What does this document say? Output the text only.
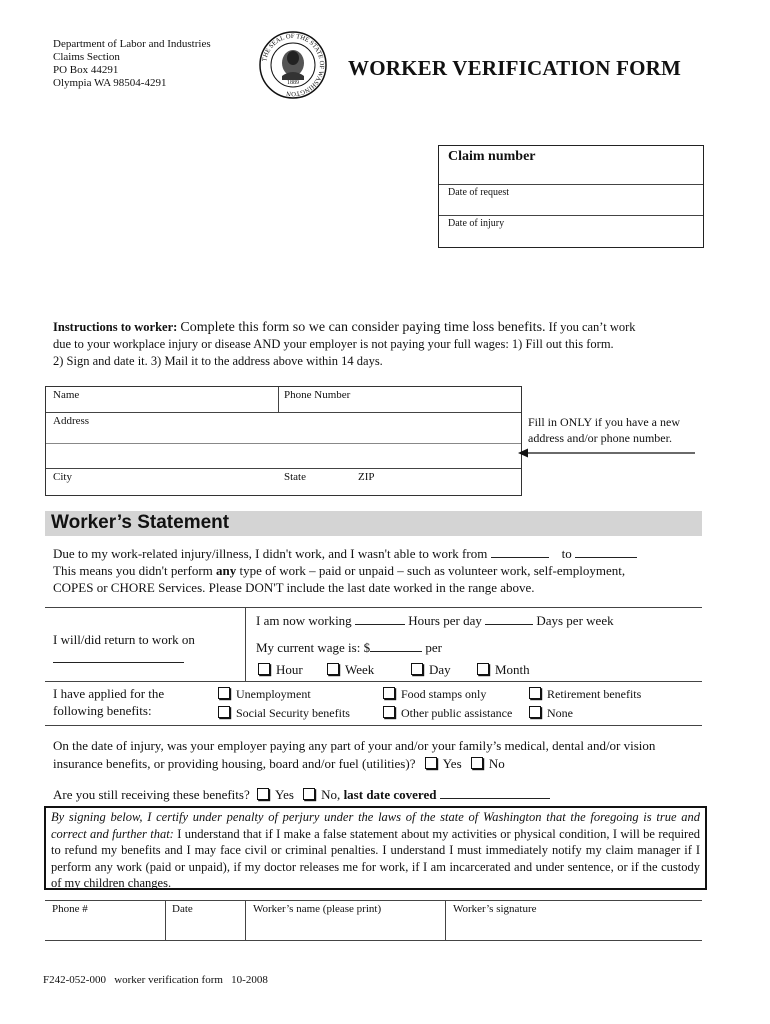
Department of Labor and Industries
Claims Section
PO Box 44291
Olympia WA 98504-4291
THE SEAL OF THE STATE OF WASHINGTON
1889
WORKER VERIFICATION FORM
Claim number
Date of request
Date of injury
Instructions to worker: Complete this form so we can consider paying time loss benefits. If you can’t work
due to your workplace injury or disease AND your employer is not paying your full wages: 1) Fill out this form.
2) Sign and date it. 3) Mail it to the address above within 14 days.
Name	Phone Number
Address
City	State	ZIP
Fill in ONLY if you have a new
address and/or phone number.
Worker’s Statement
Due to my work-related injury/illness, I didn't work, and I wasn't able to work from	to
This means you didn't perform any type of work – paid or unpaid – such as volunteer work, self-employment,
COPES or CHORE Services. Please DON'T include the last date worked in the range above.
I will/did return to work on
I am now working	Hours per day	Days per week
My current wage is: $	per
Hour	Week	Day	Month
I have applied for the
following benefits:
Unemployment	Food stamps only	Retirement benefits
Social Security benefits	Other public assistance	None
On the date of injury, was your employer paying any part of your and/or your family’s medical, dental and/or vision
insurance benefits, or providing housing, board and/or fuel (utilities)? Yes No
Are you still receiving these benefits? Yes No, last date covered
By signing below, I certify under penalty of perjury under the laws of the state of Washington that the foregoing is true and correct and further that: I understand that if I make a false statement about my activities or physical condition, I will be required to refund my benefits and I may face civil or criminal penalties. I understand I must immediately notify my claim manager if I perform any work (paid or unpaid), if my doctor releases me for work, if I am incarcerated and under sentence, or if the custody of my children changes.
Phone #	Date	Worker’s name (please print)	Worker’s signature
F242-052-000   worker verification form   10-2008
